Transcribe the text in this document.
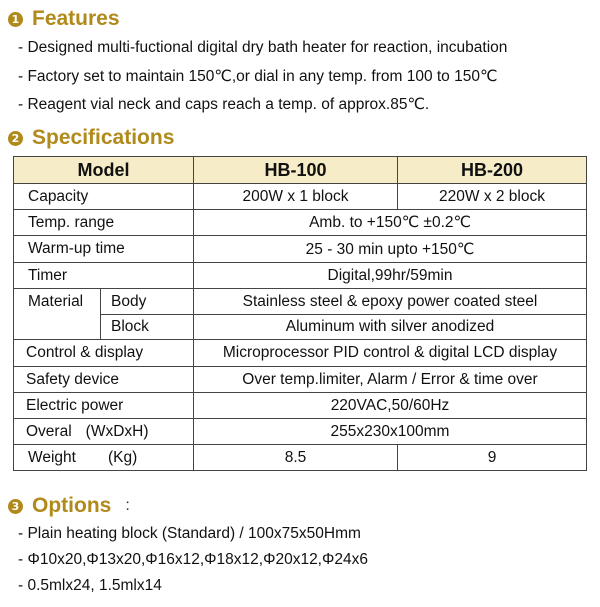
1 Features
- Designed multi-fuctional digital dry bath heater for reaction, incubation
- Factory set to maintain 150℃,or dial in any temp. from 100 to 150℃
- Reagent vial neck and caps reach a temp. of approx.85℃.
2 Specifications
Model		HB-100	HB-200
Capacity		200W x 1 block	220W x 2 block
Temp. range		Amb. to +150℃ ±0.2℃	
Warm-up time		25 - 30 min upto +150℃	
Timer		Digital,99hr/59min	
Material	Body	Stainless steel & epoxy power coated steel	
	Block	Aluminum with silver anodized	
Control & display		Microprocessor PID control & digital LCD display	
Safety device		Over temp.limiter, Alarm / Error & time over	
Electric power		220VAC,50/60Hz	
Overal (WxDxH)		255x230x100mm	
Weight (Kg)		8.5	9
3 Options :
- Plain heating block (Standard) / 100x75x50Hmm
- Φ10x20,Φ13x20,Φ16x12,Φ18x12,Φ20x12,Φ24x6
- 0.5mlx24, 1.5mlx14
